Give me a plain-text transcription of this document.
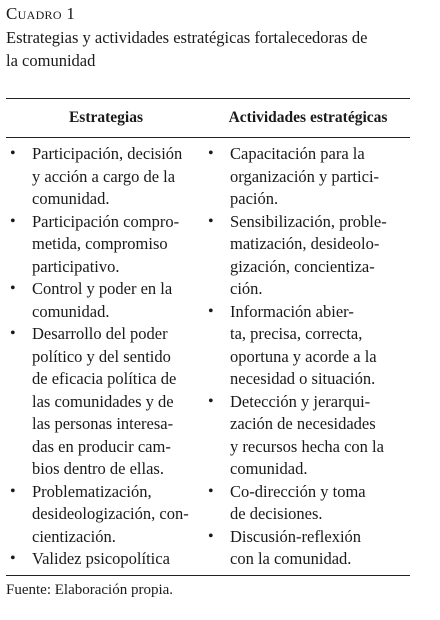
Cuadro 1
Estrategias y actividades estratégicas fortalecedoras de
la comunidad
Estrategias	Actividades estratégicas
• Participación, decisión
y acción a cargo de la
comunidad.
• Participación compro-
metida, compromiso
participativo.
• Control y poder en la
comunidad.
• Desarrollo del poder
político y del sentido
de eficacia política de
las comunidades y de
las personas interesa-
das en producir cam-
bios dentro de ellas.
• Problematización,
desideologización, con-
cientización.
• Validez psicopolítica
• Capacitación para la
organización y partici-
pación.
• Sensibilización, proble-
matización, desideolo-
gización, concientiza-
ción.
• Información abier-
ta, precisa, correcta,
oportuna y acorde a la
necesidad o situación.
• Detección y jerarqui-
zación de necesidades
y recursos hecha con la
comunidad.
• Co-dirección y toma
de decisiones.
• Discusión-reflexión
con la comunidad.
Fuente: Elaboración propia.
